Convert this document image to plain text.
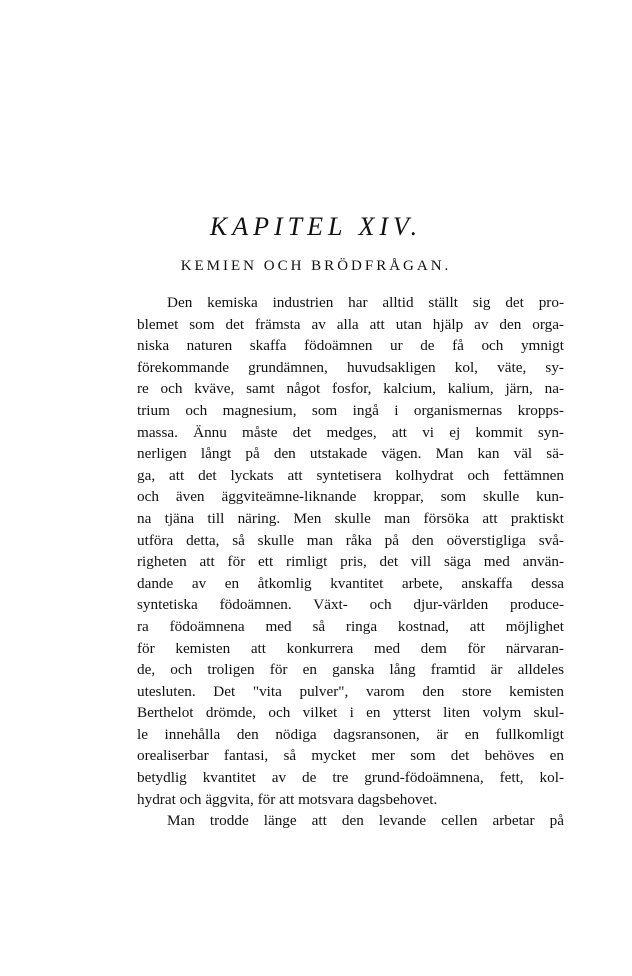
KAPITEL XIV.
KEMIEN OCH BRÖDFRÅGAN.
Den kemiska industrien har alltid ställt sig det pro-
blemet som det främsta av alla att utan hjälp av den orga-
niska naturen skaffa födoämnen ur de få och ymnigt
förekommande grundämnen, huvudsakligen kol, väte, sy-
re och kväve, samt något fosfor, kalcium, kalium, järn, na-
trium och magnesium, som ingå i organismernas kropps-
massa. Ännu måste det medges, att vi ej kommit syn-
nerligen långt på den utstakade vägen. Man kan väl sä-
ga, att det lyckats att syntetisera kolhydrat och fettämnen
och även äggviteämne-liknande kroppar, som skulle kun-
na tjäna till näring. Men skulle man försöka att praktiskt
utföra detta, så skulle man råka på den oöverstigliga svå-
righeten att för ett rimligt pris, det vill säga med använ-
dande av en åtkomlig kvantitet arbete, anskaffa dessa
syntetiska födoämnen. Växt- och djur-världen produce-
ra födoämnena med så ringa kostnad, att möjlighet
för kemisten att konkurrera med dem för närvaran-
de, och troligen för en ganska lång framtid är alldeles
utesluten. Det "vita pulver", varom den store kemisten
Berthelot drömde, och vilket i en ytterst liten volym skul-
le innehålla den nödiga dagsransonen, är en fullkomligt
orealiserbar fantasi, så mycket mer som det behöves en
betydlig kvantitet av de tre grund-födoämnena, fett, kol-
hydrat och äggvita, för att motsvara dagsbehovet.
Man trodde länge att den levande cellen arbetar på
